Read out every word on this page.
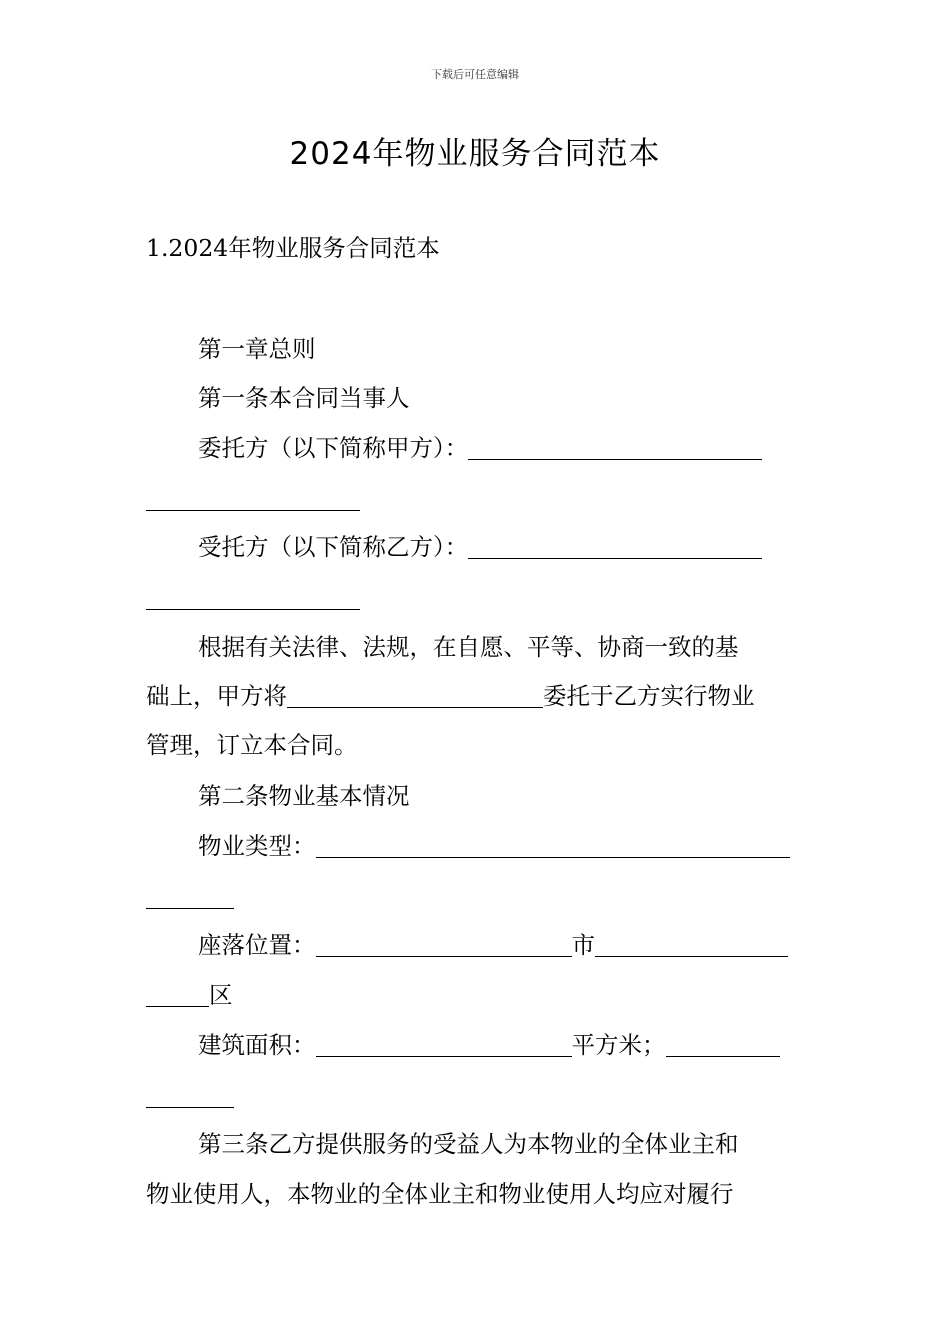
下载后可任意编辑
2024年物业服务合同范本
1.2024年物业服务合同范本
第一章总则
第一条本合同当事人
委托方（以下简称甲方）：
受托方（以下简称乙方）：
根据有关法律、法规，在自愿、平等、协商一致的基
础上，甲方将	委托于乙方实行物业
管理，订立本合同。
第二条物业基本情况
物业类型：
座落位置：	市
区
建筑面积：	平方米；
第三条乙方提供服务的受益人为本物业的全体业主和
物业使用人，本物业的全体业主和物业使用人均应对履行
